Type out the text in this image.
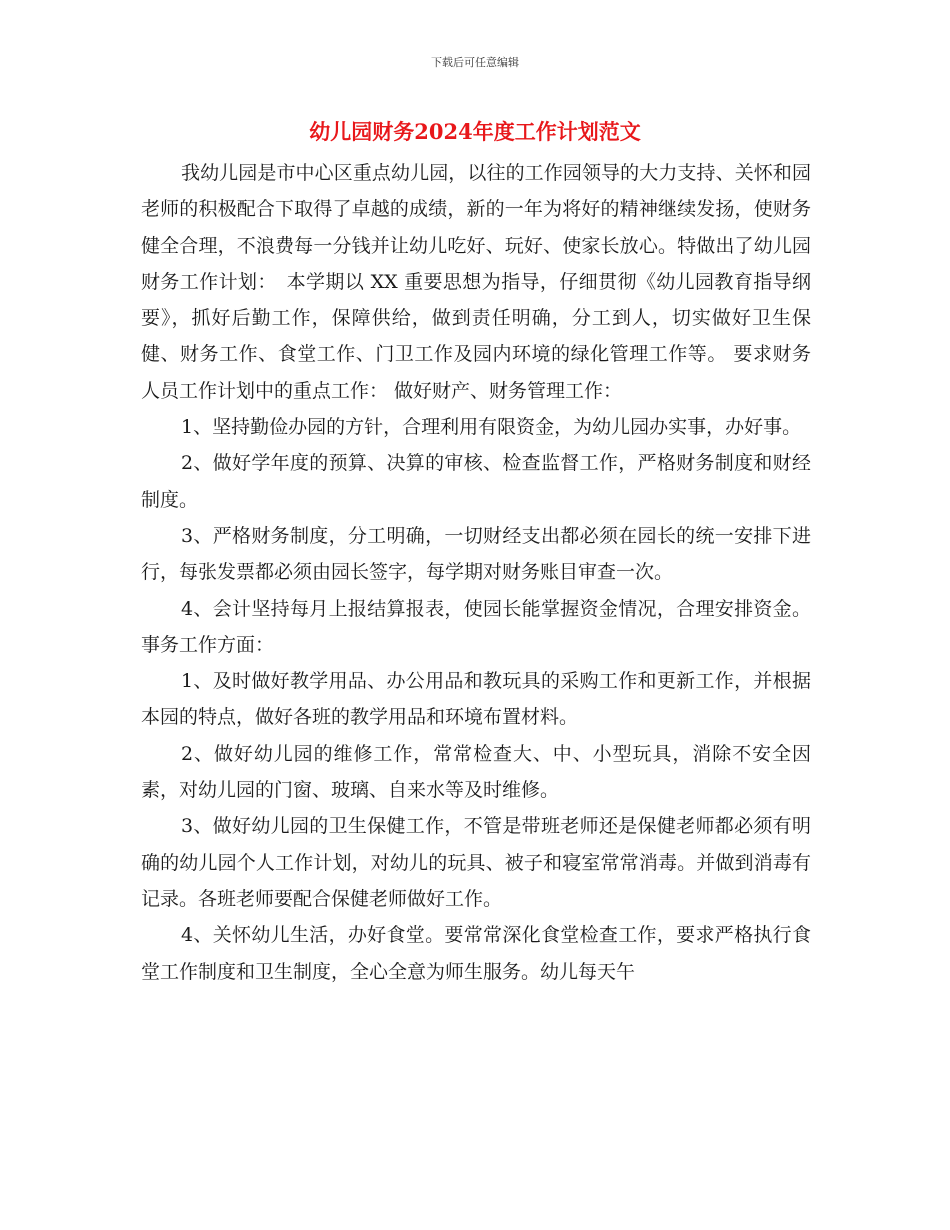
下载后可任意编辑
幼儿园财务2024年度工作计划范文

我幼儿园是市中心区重点幼儿园，以往的工作园领导的大力支持、关怀和园老师的积极配合下取得了卓越的成绩，新的一年为将好的精神继续发扬，使财务健全合理，不浪费每一分钱并让幼儿吃好、玩好、使家长放心。特做出了幼儿园财务工作计划：　本学期以 XX 重要思想为指导，仔细贯彻《幼儿园教育指导纲要》，抓好后勤工作，保障供给，做到责任明确，分工到人，切实做好卫生保健、财务工作、食堂工作、门卫工作及园内环境的绿化管理工作等。 要求财务人员工作计划中的重点工作： 做好财产、财务管理工作：

1、坚持勤俭办园的方针，合理利用有限资金，为幼儿园办实事，办好事。

2、做好学年度的预算、决算的审核、检查监督工作，严格财务制度和财经制度。

3、严格财务制度，分工明确，一切财经支出都必须在园长的统一安排下进行，每张发票都必须由园长签字，每学期对财务账目审查一次。

4、会计坚持每月上报结算报表，使园长能掌握资金情况，合理安排资金。 事务工作方面：

1、及时做好教学用品、办公用品和教玩具的采购工作和更新工作，并根据本园的特点，做好各班的教学用品和环境布置材料。

2、做好幼儿园的维修工作，常常检查大、中、小型玩具，消除不安全因素，对幼儿园的门窗、玻璃、自来水等及时维修。

3、做好幼儿园的卫生保健工作，不管是带班老师还是保健老师都必须有明确的幼儿园个人工作计划，对幼儿的玩具、被子和寝室常常消毒。并做到消毒有记录。各班老师要配合保健老师做好工作。

4、关怀幼儿生活，办好食堂。要常常深化食堂检查工作，要求严格执行食堂工作制度和卫生制度，全心全意为师生服务。幼儿每天午
